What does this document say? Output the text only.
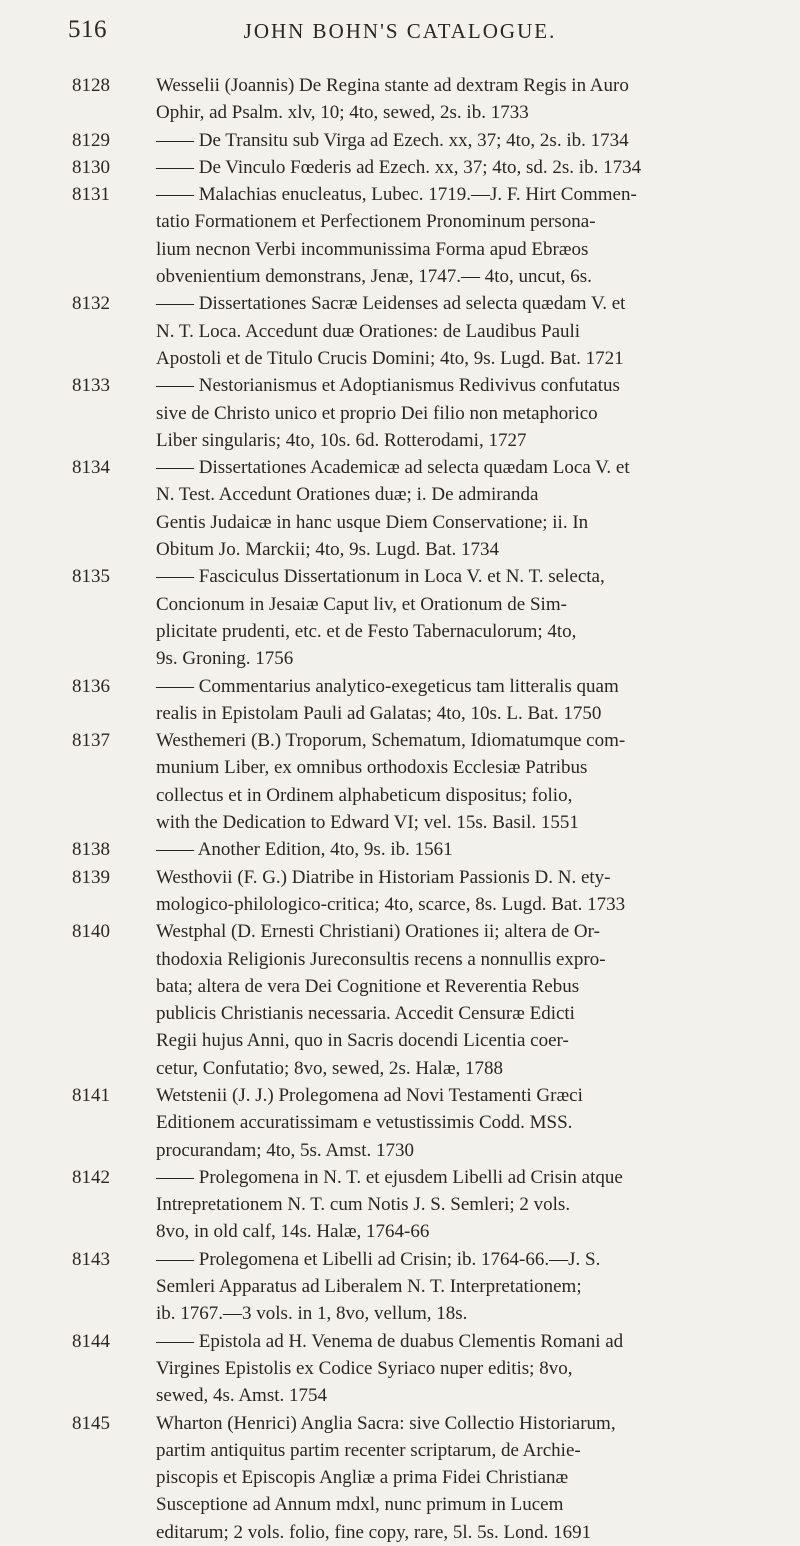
516	JOHN BOHN'S CATALOGUE.
8128	Wesselii (Joannis) De Regina stante ad dextram Regis in Auro
Ophir, ad Psalm. xlv, 10; 4to, sewed, 2s. ib. 1733
8129	—— De Transitu sub Virga ad Ezech. xx, 37; 4to, 2s. ib. 1734
8130	—— De Vinculo Fœderis ad Ezech. xx, 37; 4to, sd. 2s. ib. 1734
8131	—— Malachias enucleatus, Lubec. 1719.—J. F. Hirt Commen-
tatio Formationem et Perfectionem Pronominum persona-
lium necnon Verbi incommunissima Forma apud Ebræos
obvenientium demonstrans, Jenæ, 1747.— 4to, uncut, 6s.
8132	—— Dissertationes Sacræ Leidenses ad selecta quædam V. et
N. T. Loca. Accedunt duæ Orationes: de Laudibus Pauli
Apostoli et de Titulo Crucis Domini; 4to, 9s. Lugd. Bat. 1721
8133	—— Nestorianismus et Adoptianismus Redivivus confutatus
sive de Christo unico et proprio Dei filio non metaphorico
Liber singularis; 4to, 10s. 6d. Rotterodami, 1727
8134	—— Dissertationes Academicæ ad selecta quædam Loca V. et
N. Test. Accedunt Orationes duæ; i. De admiranda
Gentis Judaicæ in hanc usque Diem Conservatione; ii. In
Obitum Jo. Marckii; 4to, 9s. Lugd. Bat. 1734
8135	—— Fasciculus Dissertationum in Loca V. et N. T. selecta,
Concionum in Jesaiæ Caput liv, et Orationum de Sim-
plicitate prudenti, etc. et de Festo Tabernaculorum; 4to,
9s. Groning. 1756
8136	—— Commentarius analytico-exegeticus tam litteralis quam
realis in Epistolam Pauli ad Galatas; 4to, 10s. L. Bat. 1750
8137	Westhemeri (B.) Troporum, Schematum, Idiomatumque com-
munium Liber, ex omnibus orthodoxis Ecclesiæ Patribus
collectus et in Ordinem alphabeticum dispositus; folio,
with the Dedication to Edward VI; vel. 15s. Basil. 1551
8138	—— Another Edition, 4to, 9s. ib. 1561
8139	Westhovii (F. G.) Diatribe in Historiam Passionis D. N. ety-
mologico-philologico-critica; 4to, scarce, 8s. Lugd. Bat. 1733
8140	Westphal (D. Ernesti Christiani) Orationes ii; altera de Or-
thodoxia Religionis Jureconsultis recens a nonnullis expro-
bata; altera de vera Dei Cognitione et Reverentia Rebus
publicis Christianis necessaria. Accedit Censuræ Edicti
Regii hujus Anni, quo in Sacris docendi Licentia coer-
cetur, Confutatio; 8vo, sewed, 2s. Halæ, 1788
8141	Wetstenii (J. J.) Prolegomena ad Novi Testamenti Græci
Editionem accuratissimam e vetustissimis Codd. MSS.
procurandam; 4to, 5s. Amst. 1730
8142	—— Prolegomena in N. T. et ejusdem Libelli ad Crisin atque
Intrepretationem N. T. cum Notis J. S. Semleri; 2 vols.
8vo, in old calf, 14s. Halæ, 1764-66
8143	—— Prolegomena et Libelli ad Crisin; ib. 1764-66.—J. S.
Semleri Apparatus ad Liberalem N. T. Interpretationem;
ib. 1767.—3 vols. in 1, 8vo, vellum, 18s.
8144	—— Epistola ad H. Venema de duabus Clementis Romani ad
Virgines Epistolis ex Codice Syriaco nuper editis; 8vo,
sewed, 4s. Amst. 1754
8145	Wharton (Henrici) Anglia Sacra: sive Collectio Historiarum,
partim antiquitus partim recenter scriptarum, de Archie-
piscopis et Episcopis Angliæ a prima Fidei Christianæ
Susceptione ad Annum mdxl, nunc primum in Lucem
editarum; 2 vols. folio, fine copy, rare, 5l. 5s. Lond. 1691
